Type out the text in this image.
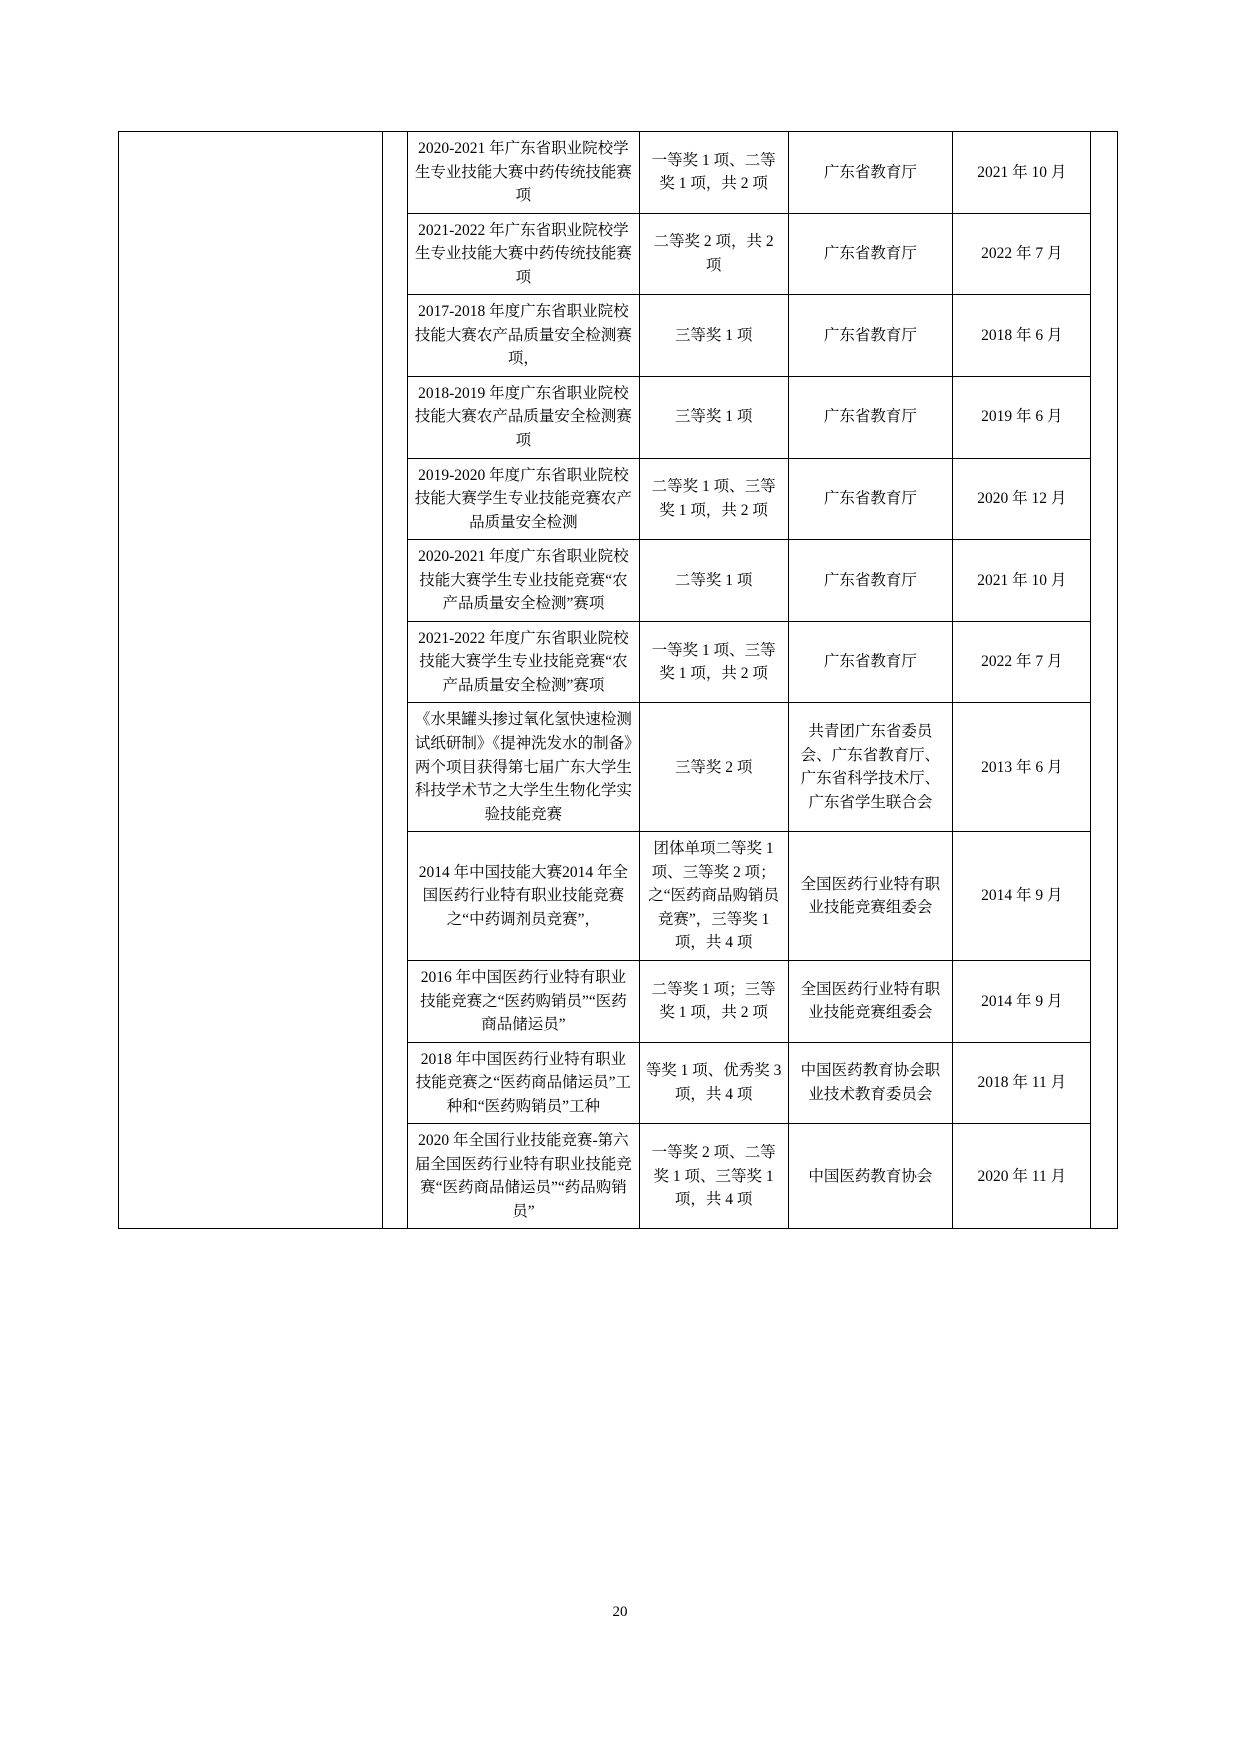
		2020-2021 年广东省职业院校学生专业技能大赛中药传统技能赛项	一等奖 1 项、二等奖 1 项，共 2 项	广东省教育厅	2021 年 10 月	
		2021-2022 年广东省职业院校学生专业技能大赛中药传统技能赛项	二等奖 2 项，共 2 项	广东省教育厅	2022 年 7 月	
		2017-2018 年度广东省职业院校技能大赛农产品质量安全检测赛项，	三等奖 1 项	广东省教育厅	2018 年 6 月	
		2018-2019 年度广东省职业院校技能大赛农产品质量安全检测赛项	三等奖 1 项	广东省教育厅	2019 年 6 月	
		2019-2020 年度广东省职业院校技能大赛学生专业技能竞赛农产品质量安全检测	二等奖 1 项、三等奖 1 项，共 2 项	广东省教育厅	2020 年 12 月	
		2020-2021 年度广东省职业院校技能大赛学生专业技能竞赛“农产品质量安全检测”赛项	二等奖 1 项	广东省教育厅	2021 年 10 月	
		2021-2022 年度广东省职业院校技能大赛学生专业技能竞赛“农产品质量安全检测”赛项	一等奖 1 项、三等奖 1 项，共 2 项	广东省教育厅	2022 年 7 月	
		《水果罐头掺过氧化氢快速检测试纸研制》《提神洗发水的制备》两个项目获得第七届广东大学生科技学术节之大学生生物化学实验技能竞赛	三等奖 2 项	共青团广东省委员会、广东省教育厅、广东省科学技术厅、广东省学生联合会	2013 年 6 月	
		2014 年中国技能大赛2014 年全国医药行业特有职业技能竞赛之“中药调剂员竞赛”，	团体单项二等奖 1 项、三等奖 2 项；之“医药商品购销员竞赛”，三等奖 1 项，共 4 项	全国医药行业特有职业技能竞赛组委会	2014 年 9 月	
		2016 年中国医药行业特有职业技能竞赛之“医药购销员”“医药商品储运员”	二等奖 1 项；三等奖 1 项，共 2 项	全国医药行业特有职业技能竞赛组委会	2014 年 9 月	
		2018 年中国医药行业特有职业技能竞赛之“医药商品储运员”工种和“医药购销员”工种	等奖 1 项、优秀奖 3 项，共 4 项	中国医药教育协会职业技术教育委员会	2018 年 11 月	
		2020 年全国行业技能竞赛-第六届全国医药行业特有职业技能竞赛“医药商品储运员”“药品购销员”	一等奖 2 项、二等奖 1 项、三等奖 1 项，共 4 项	中国医药教育协会	2020 年 11 月	
20
